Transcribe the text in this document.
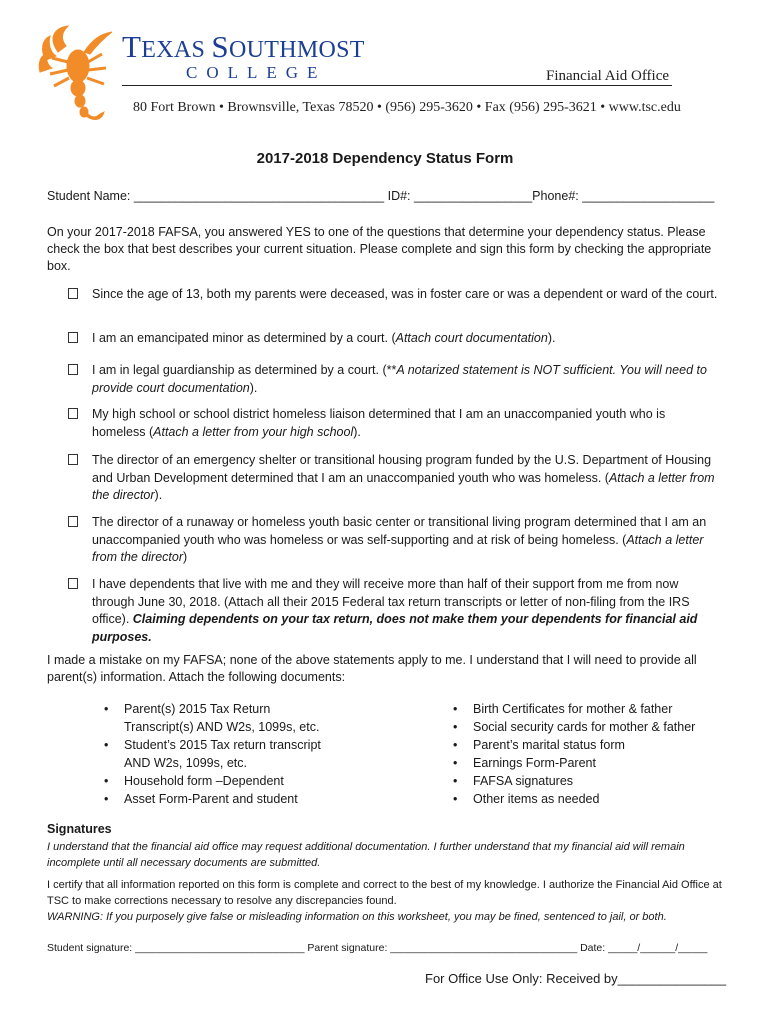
TEXAS SOUTHMOST
COLLEGE	Financial Aid Office
80 Fort Brown • Brownsville, Texas 78520 • (956) 295-3620 • Fax (956) 295-3621 • www.tsc.edu
2017-2018 Dependency Status Form
Student Name: ____________________________________ ID#: _________________Phone#: ___________________
On your 2017-2018 FAFSA, you answered YES to one of the questions that determine your dependency status. Please check the box that best describes your current situation. Please complete and sign this form by checking the appropriate box.
Since the age of 13, both my parents were deceased, was in foster care or was a dependent or ward of the court.
I am an emancipated minor as determined by a court. (Attach court documentation).
I am in legal guardianship as determined by a court. (**A notarized statement is NOT sufficient. You will need to provide court documentation).
My high school or school district homeless liaison determined that I am an unaccompanied youth who is homeless (Attach a letter from your high school).
The director of an emergency shelter or transitional housing program funded by the U.S. Department of Housing and Urban Development determined that I am an unaccompanied youth who was homeless. (Attach a letter from the director).
The director of a runaway or homeless youth basic center or transitional living program determined that I am an unaccompanied youth who was homeless or was self-supporting and at risk of being homeless. (Attach a letter from the director)
I have dependents that live with me and they will receive more than half of their support from me from now through June 30, 2018. (Attach all their 2015 Federal tax return transcripts or letter of non-filing from the IRS office). Claiming dependents on your tax return, does not make them your dependents for financial aid purposes.
I made a mistake on my FAFSA; none of the above statements apply to me. I understand that I will need to provide all parent(s) information. Attach the following documents:
• Parent(s) 2015 Tax Return Transcript(s) AND W2s, 1099s, etc.
• Student’s 2015 Tax return transcript AND W2s, 1099s, etc.
• Household form –Dependent
• Asset Form-Parent and student
• Birth Certificates for mother & father
• Social security cards for mother & father
• Parent’s marital status form
• Earnings Form-Parent
• FAFSA signatures
• Other items as needed
Signatures
I understand that the financial aid office may request additional documentation. I further understand that my financial aid will remain incomplete until all necessary documents are submitted.
I certify that all information reported on this form is complete and correct to the best of my knowledge. I authorize the Financial Aid Office at TSC to make corrections necessary to resolve any discrepancies found.
WARNING: If you purposely give false or misleading information on this worksheet, you may be fined, sentenced to jail, or both.
Student signature: _____________________________ Parent signature: ________________________________ Date: _____/______/_____
For Office Use Only: Received by_______________
